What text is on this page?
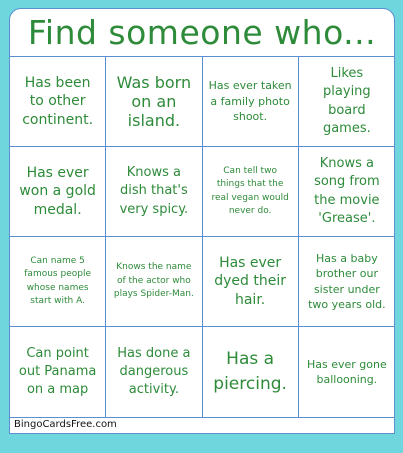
Find someone who...
Has been to other continent.
Was born on an island.
Has ever taken a family photo shoot.
Likes playing board games.
Has ever won a gold medal.
Knows a dish that's very spicy.
Can tell two things that the real vegan would never do.
Knows a song from the movie 'Grease'.
Can name 5 famous people whose names start with A.
Knows the name of the actor who plays Spider-Man.
Has ever dyed their hair.
Has a baby brother our sister under two years old.
Can point out Panama on a map
Has done a dangerous activity.
Has a piercing.
Has ever gone ballooning.
BingoCardsFree.com
